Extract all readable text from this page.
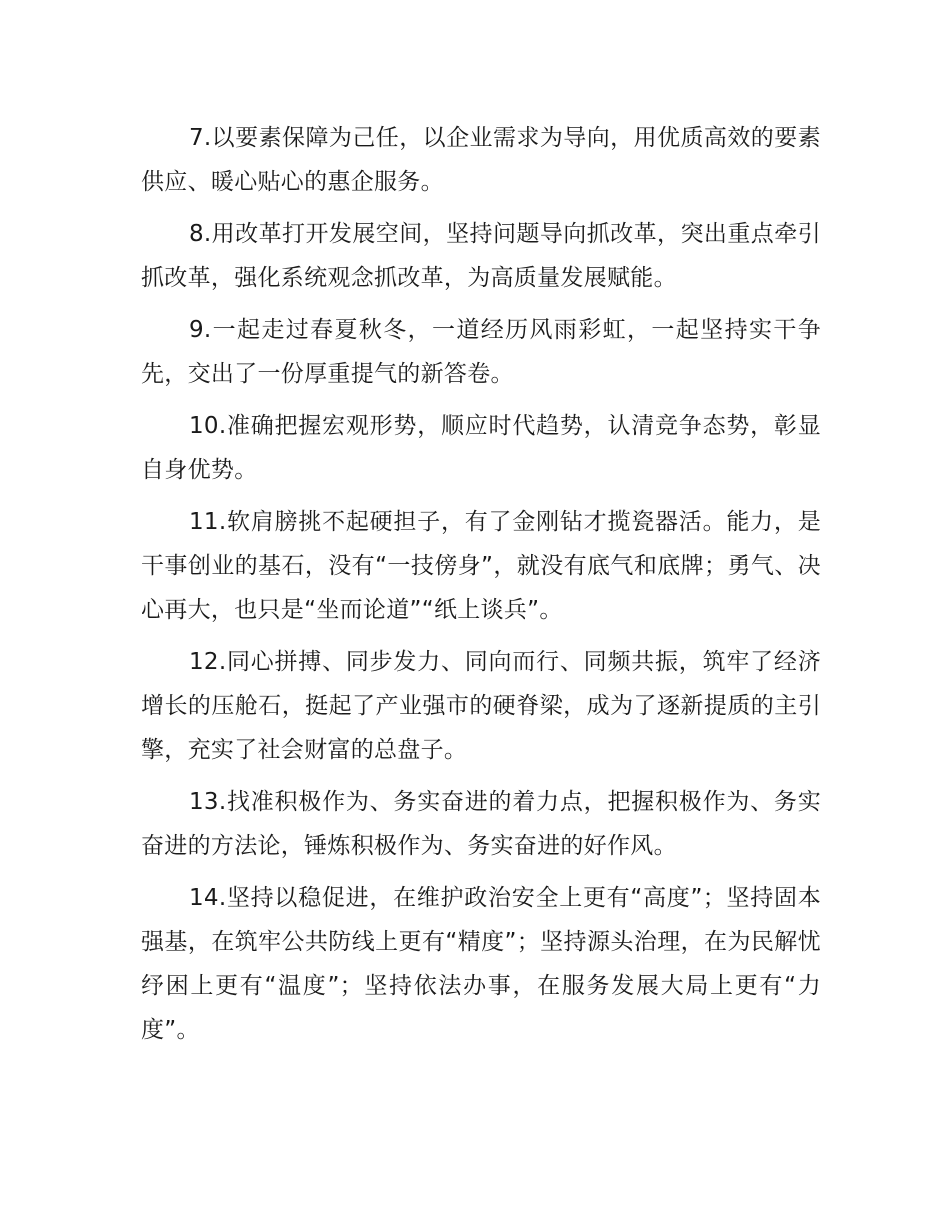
7.以要素保障为己任，以企业需求为导向，用优质高效的要素供应、暖心贴心的惠企服务。

8.用改革打开发展空间，坚持问题导向抓改革，突出重点牵引抓改革，强化系统观念抓改革，为高质量发展赋能。

9.一起走过春夏秋冬，一道经历风雨彩虹，一起坚持实干争先，交出了一份厚重提气的新答卷。

10.准确把握宏观形势，顺应时代趋势，认清竞争态势，彰显自身优势。

11.软肩膀挑不起硬担子，有了金刚钻才揽瓷器活。能力，是干事创业的基石，没有“一技傍身”，就没有底气和底牌；勇气、决心再大，也只是“坐而论道”“纸上谈兵”。

12.同心拼搏、同步发力、同向而行、同频共振，筑牢了经济增长的压舱石，挺起了产业强市的硬脊梁，成为了逐新提质的主引擎，充实了社会财富的总盘子。

13.找准积极作为、务实奋进的着力点，把握积极作为、务实奋进的方法论，锤炼积极作为、务实奋进的好作风。

14.坚持以稳促进，在维护政治安全上更有“高度”；坚持固本强基，在筑牢公共防线上更有“精度”；坚持源头治理，在为民解忧纾困上更有“温度”；坚持依法办事，在服务发展大局上更有“力度”。
